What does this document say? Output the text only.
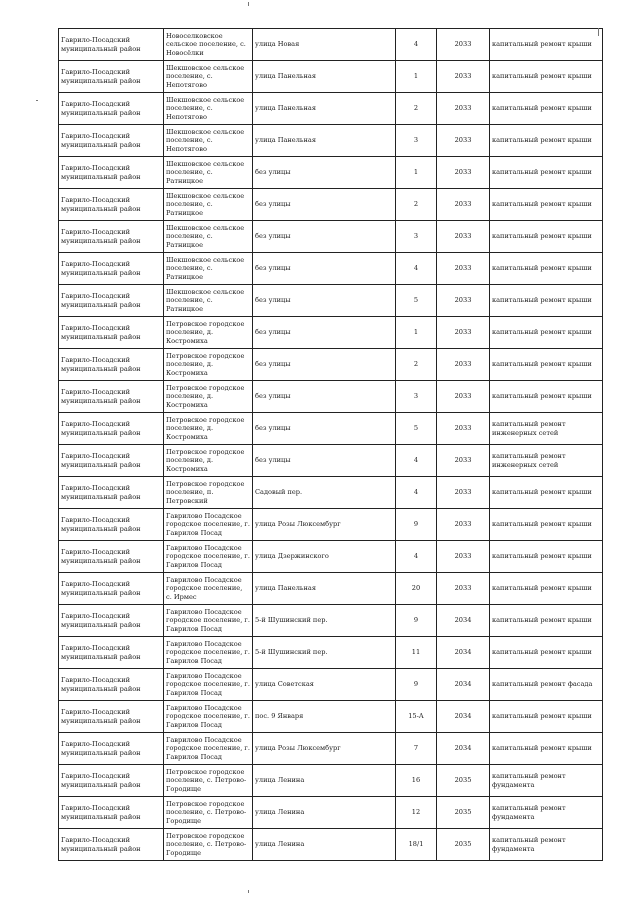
Гаврило-Посадский муниципальный район	Новоселковское сельское поселение, с. Новосёлки	улица Новая	4	2033	капитальный ремонт крыши
Гаврило-Посадский муниципальный район	Шекшовское сельское поселение, с. Непотягово	улица Панельная	1	2033	капитальный ремонт крыши
Гаврило-Посадский муниципальный район	Шекшовское сельское поселение, с. Непотягово	улица Панельная	2	2033	капитальный ремонт крыши
Гаврило-Посадский муниципальный район	Шекшовское сельское поселение, с. Непотягово	улица Панельная	3	2033	капитальный ремонт крыши
Гаврило-Посадский муниципальный район	Шекшовское сельское поселение, с. Ратницкое	без улицы	1	2033	капитальный ремонт крыши
Гаврило-Посадский муниципальный район	Шекшовское сельское поселение, с. Ратницкое	без улицы	2	2033	капитальный ремонт крыши
Гаврило-Посадский муниципальный район	Шекшовское сельское поселение, с. Ратницкое	без улицы	3	2033	капитальный ремонт крыши
Гаврило-Посадский муниципальный район	Шекшовское сельское поселение, с. Ратницкое	без улицы	4	2033	капитальный ремонт крыши
Гаврило-Посадский муниципальный район	Шекшовское сельское поселение, с. Ратницкое	без улицы	5	2033	капитальный ремонт крыши
Гаврило-Посадский муниципальный район	Петровское городское поселение, д. Костромиха	без улицы	1	2033	капитальный ремонт крыши
Гаврило-Посадский муниципальный район	Петровское городское поселение, д. Костромиха	без улицы	2	2033	капитальный ремонт крыши
Гаврило-Посадский муниципальный район	Петровское городское поселение, д. Костромиха	без улицы	3	2033	капитальный ремонт крыши
Гаврило-Посадский муниципальный район	Петровское городское поселение, д. Костромиха	без улицы	5	2033	капитальный ремонт инженерных сетей
Гаврило-Посадский муниципальный район	Петровское городское поселение, д. Костромиха	без улицы	4	2033	капитальный ремонт инженерных сетей
Гаврило-Посадский муниципальный район	Петровское городское поселение, п. Петровский	Садовый пер.	4	2033	капитальный ремонт крыши
Гаврило-Посадский муниципальный район	Гаврилово Посадское городское поселение, г. Гаврилов Посад	улица Розы Люксембург	9	2033	капитальный ремонт крыши
Гаврило-Посадский муниципальный район	Гаврилово Посадское городское поселение, г. Гаврилов Посад	улица Дзержинского	4	2033	капитальный ремонт крыши
Гаврило-Посадский муниципальный район	Гаврилово Посадское городское поселение, с. Ирмес	улица Панельная	20	2033	капитальный ремонт крыши
Гаврило-Посадский муниципальный район	Гаврилово Посадское городское поселение, г. Гаврилов Посад	5-й Шушинский пер.	9	2034	капитальный ремонт крыши
Гаврило-Посадский муниципальный район	Гаврилово Посадское городское поселение, г. Гаврилов Посад	5-й Шушинский пер.	11	2034	капитальный ремонт крыши
Гаврило-Посадский муниципальный район	Гаврилово Посадское городское поселение, г. Гаврилов Посад	улица Советская	9	2034	капитальный ремонт фасада
Гаврило-Посадский муниципальный район	Гаврилово Посадское городское поселение, г. Гаврилов Посад	пос. 9 Января	15-А	2034	капитальный ремонт крыши
Гаврило-Посадский муниципальный район	Гаврилово Посадское городское поселение, г. Гаврилов Посад	улица Розы Люксембург	7	2034	капитальный ремонт крыши
Гаврило-Посадский муниципальный район	Петровское городское поселение, с. Петрово-Городище	улица Ленина	16	2035	капитальный ремонт фундамента
Гаврило-Посадский муниципальный район	Петровское городское поселение, с. Петрово-Городище	улица Ленина	12	2035	капитальный ремонт фундамента
Гаврило-Посадский муниципальный район	Петровское городское поселение, с. Петрово-Городище	улица Ленина	18/1	2035	капитальный ремонт фундамента
